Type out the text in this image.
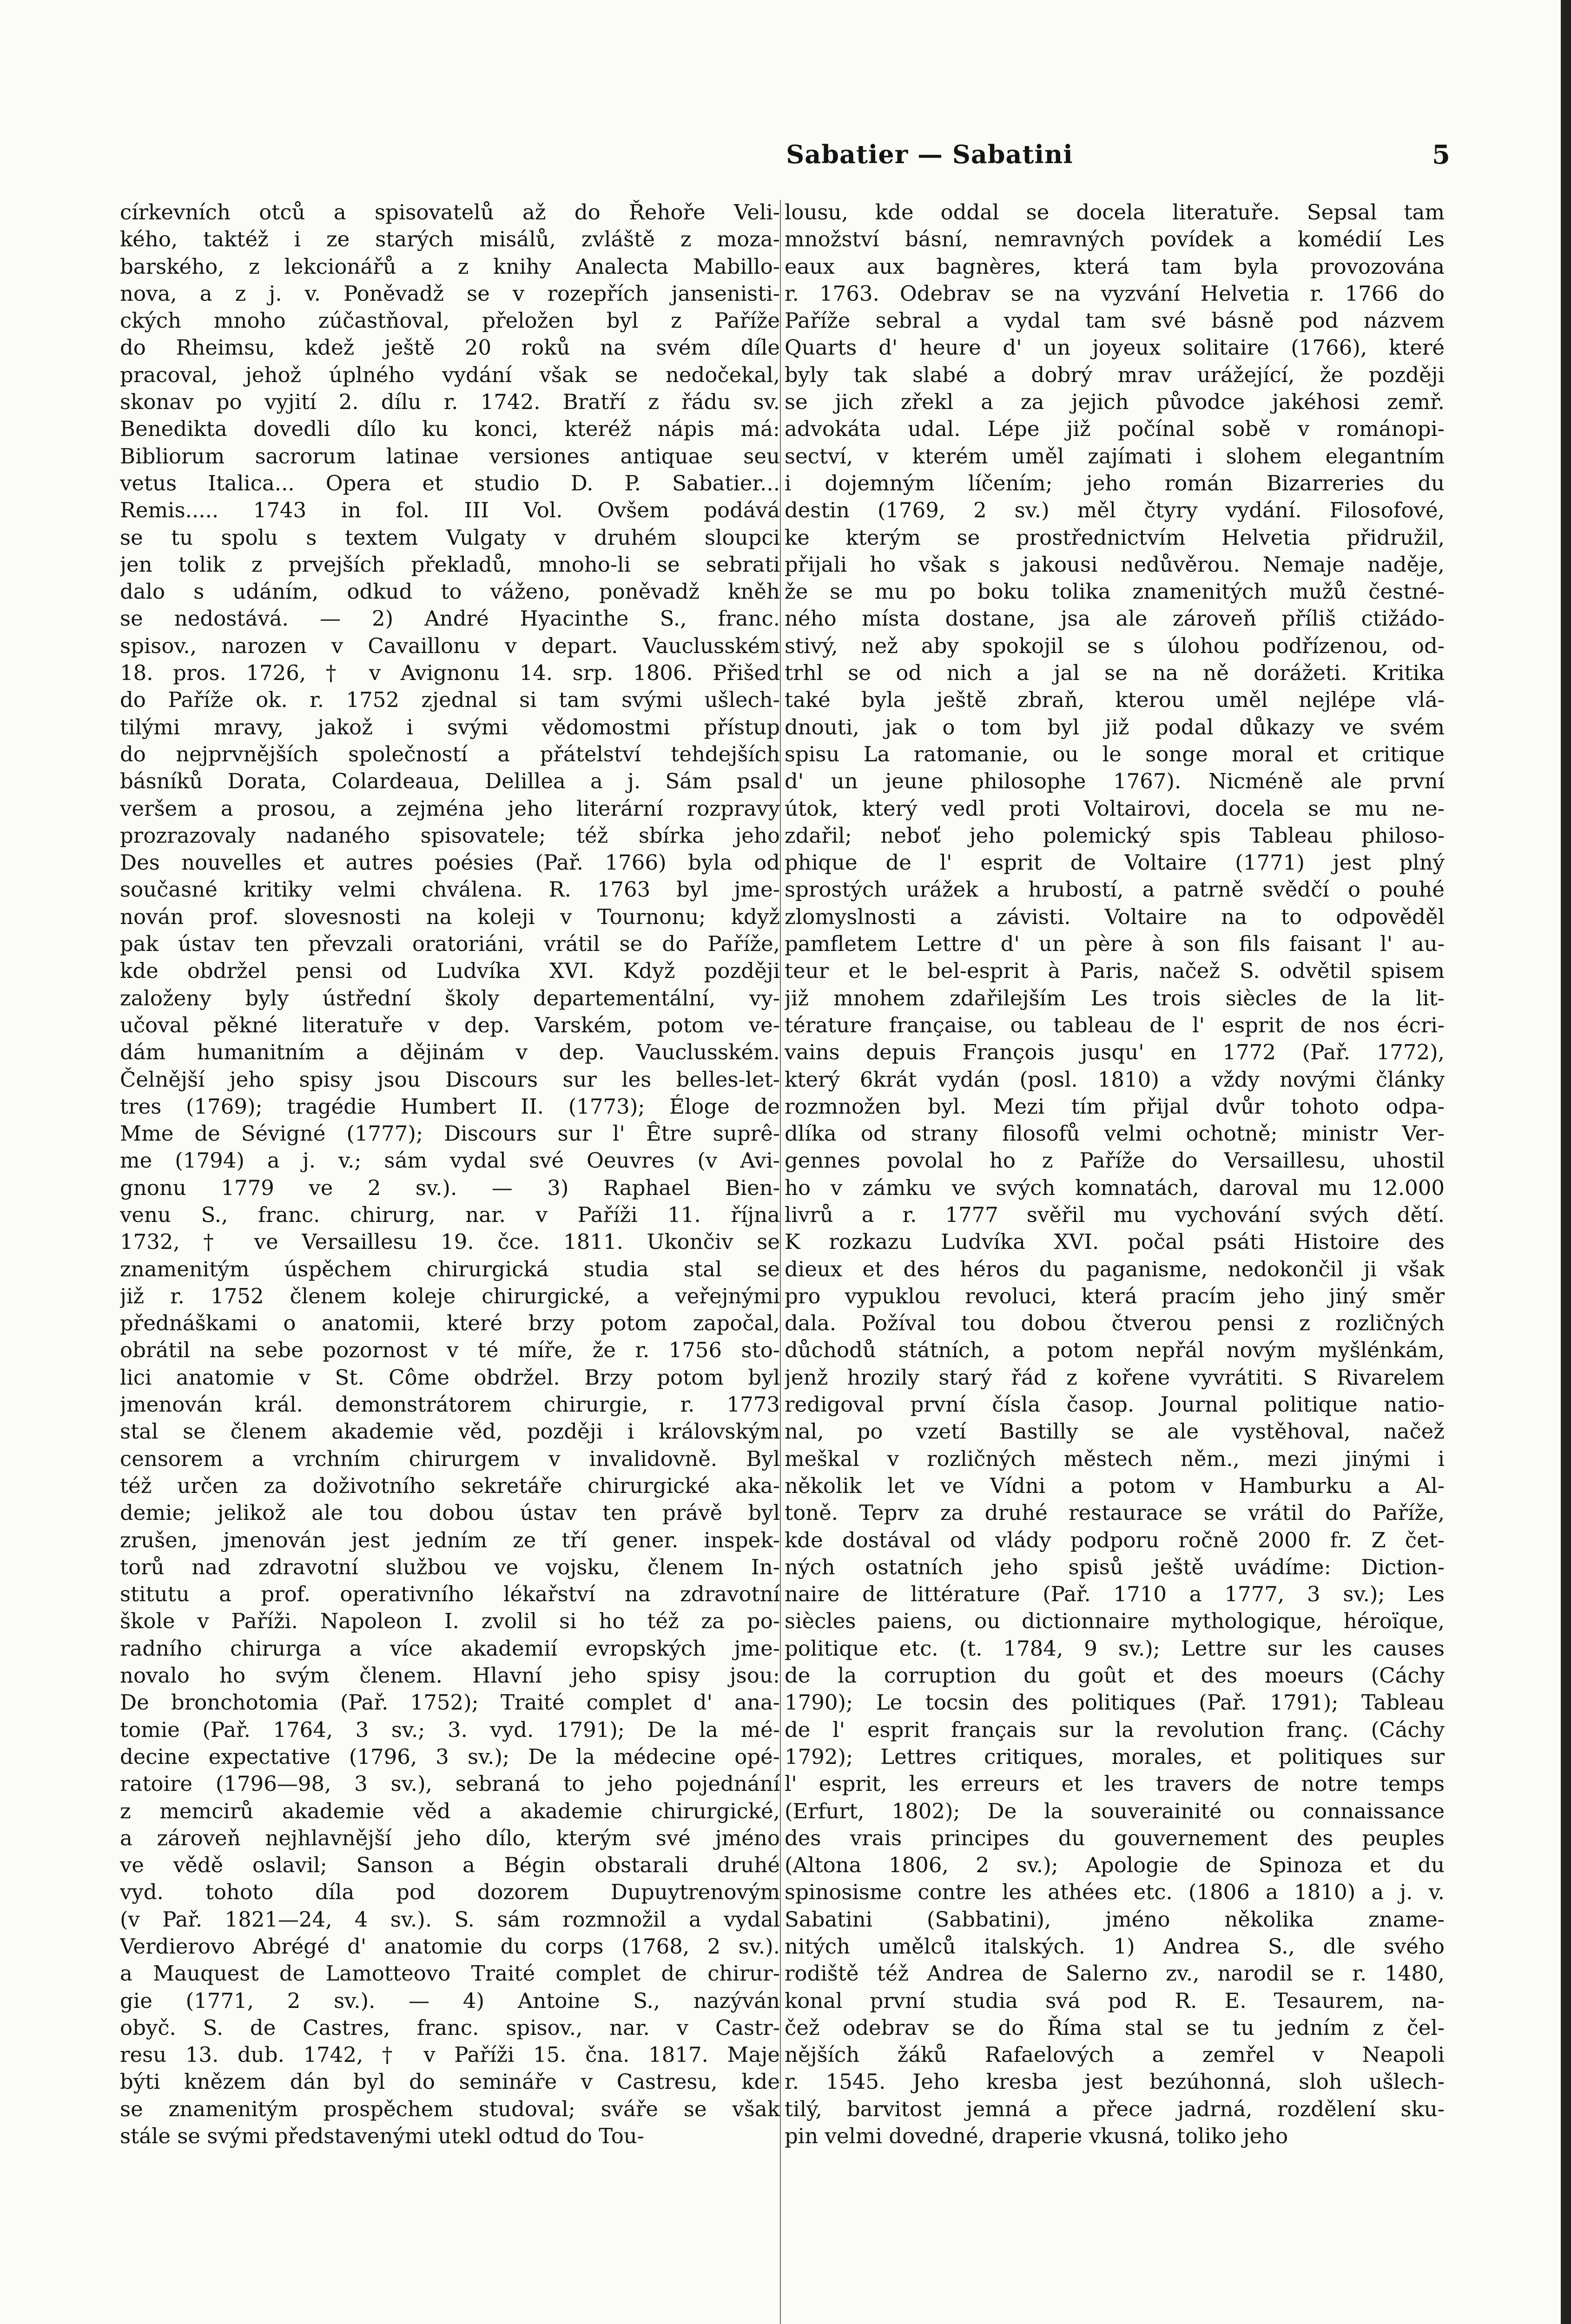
Sabatier — Sabatini	5
církevních otců a spisovatelů až do Řehoře Veli-
kého, taktéž i ze starých misálů, zvláště z moza-
barského, z lekcionářů a z knihy Analecta Mabillo-
nova, a z j. v. Poněvadž se v rozepřích jansenisti-
ckých mnoho zúčastňoval, přeložen byl z Paříže
do Rheimsu, kdež ještě 20 roků na svém díle
pracoval, jehož úplného vydání však se nedočekal,
skonav po vyjití 2. dílu r. 1742. Bratří z řádu sv.
Benedikta dovedli dílo ku konci, kteréž nápis má:
Bibliorum sacrorum latinae versiones antiquae seu
vetus Italica... Opera et studio D. P. Sabatier...
Remis..... 1743 in fol. III Vol. Ovšem podává
se tu spolu s textem Vulgaty v druhém sloupci
jen tolik z prvejších překladů, mnoho-li se sebrati
dalo s udáním, odkud to váženo, poněvadž kněh
se nedostává. — 2) André Hyacinthe S., franc.
spisov., narozen v Cavaillonu v depart. Vauclusském
18. pros. 1726, † v Avignonu 14. srp. 1806. Přišed
do Paříže ok. r. 1752 zjednal si tam svými ušlech-
tilými mravy, jakož i svými vědomostmi přístup
do nejprvnějších společností a přátelství tehdejších
básníků Dorata, Colardeaua, Delillea a j. Sám psal
veršem a prosou, a zejména jeho literární rozpravy
prozrazovaly nadaného spisovatele; též sbírka jeho
Des nouvelles et autres poésies (Pař. 1766) byla od
současné kritiky velmi chválena. R. 1763 byl jme-
nován prof. slovesnosti na koleji v Tournonu; když
pak ústav ten převzali oratoriáni, vrátil se do Paříže,
kde obdržel pensi od Ludvíka XVI. Když později
založeny byly ústřední školy departementální, vy-
učoval pěkné literatuře v dep. Varském, potom ve-
dám humanitním a dějinám v dep. Vauclusském.
Čelnější jeho spisy jsou Discours sur les belles-let-
tres (1769); tragédie Humbert II. (1773); Éloge de
Mme de Sévigné (1777); Discours sur l' Être suprê-
me (1794) a j. v.; sám vydal své Oeuvres (v Avi-
gnonu 1779 ve 2 sv.). — 3) Raphael Bien-
venu S., franc. chirurg, nar. v Paříži 11. října
1732, † ve Versaillesu 19. čce. 1811. Ukončiv se
znamenitým úspěchem chirurgická studia stal se
již r. 1752 členem koleje chirurgické, a veřejnými
přednáškami o anatomii, které brzy potom započal,
obrátil na sebe pozornost v té míře, že r. 1756 sto-
lici anatomie v St. Côme obdržel. Brzy potom byl
jmenován král. demonstrátorem chirurgie, r. 1773
stal se členem akademie věd, později i královským
censorem a vrchním chirurgem v invalidovně. Byl
též určen za doživotního sekretáře chirurgické aka-
demie; jelikož ale tou dobou ústav ten právě byl
zrušen, jmenován jest jedním ze tří gener. inspek-
torů nad zdravotní službou ve vojsku, členem In-
stitutu a prof. operativního lékařství na zdravotní
škole v Paříži. Napoleon I. zvolil si ho též za po-
radního chirurga a více akademií evropských jme-
novalo ho svým členem. Hlavní jeho spisy jsou:
De bronchotomia (Pař. 1752); Traité complet d' ana-
tomie (Pař. 1764, 3 sv.; 3. vyd. 1791); De la mé-
decine expectative (1796, 3 sv.); De la médecine opé-
ratoire (1796—98, 3 sv.), sebraná to jeho pojednání
z memcirů akademie věd a akademie chirurgické,
a zároveň nejhlavnější jeho dílo, kterým své jméno
ve vědě oslavil; Sanson a Bégin obstarali druhé
vyd. tohoto díla pod dozorem Dupuytrenovým
(v Pař. 1821—24, 4 sv.). S. sám rozmnožil a vydal
Verdierovo Abrégé d' anatomie du corps (1768, 2 sv.).
a Mauquest de Lamotteovo Traité complet de chirur-
gie (1771, 2 sv.). — 4) Antoine S., nazýván
obyč. S. de Castres, franc. spisov., nar. v Castr-
resu 13. dub. 1742, † v Paříži 15. čna. 1817. Maje
býti knězem dán byl do semináře v Castresu, kde
se znamenitým prospěchem studoval; sváře se však
stále se svými představenými utekl odtud do Tou-
lousu, kde oddal se docela literatuře. Sepsal tam
množství básní, nemravných povídek a komédií Les
eaux aux bagnères, která tam byla provozována
r. 1763. Odebrav se na vyzvání Helvetia r. 1766 do
Paříže sebral a vydal tam své básně pod názvem
Quarts d' heure d' un joyeux solitaire (1766), které
byly tak slabé a dobrý mrav urážející, že později
se jich zřekl a za jejich původce jakéhosi zemř.
advokáta udal. Lépe již počínal sobě v románopi-
sectví, v kterém uměl zajímati i slohem elegantním
i dojemným líčením; jeho román Bizarreries du
destin (1769, 2 sv.) měl čtyry vydání. Filosofové,
ke kterým se prostřednictvím Helvetia přidružil,
přijali ho však s jakousi nedůvěrou. Nemaje naděje,
že se mu po boku tolika znamenitých mužů čestné-
ného místa dostane, jsa ale zároveň příliš ctižádo-
stivý, než aby spokojil se s úlohou podřízenou, od-
trhl se od nich a jal se na ně dorážeti. Kritika
také byla ještě zbraň, kterou uměl nejlépe vlá-
dnouti, jak o tom byl již podal důkazy ve svém
spisu La ratomanie, ou le songe moral et critique
d' un jeune philosophe 1767). Nicméně ale první
útok, který vedl proti Voltairovi, docela se mu ne-
zdařil; neboť jeho polemický spis Tableau philoso-
phique de l' esprit de Voltaire (1771) jest plný
sprostých urážek a hrubostí, a patrně svědčí o pouhé
zlomyslnosti a závisti. Voltaire na to odpověděl
pamfletem Lettre d' un père à son fils faisant l' au-
teur et le bel-esprit à Paris, načež S. odvětil spisem
již mnohem zdařilejším Les trois siècles de la lit-
térature française, ou tableau de l' esprit de nos écri-
vains depuis François jusqu' en 1772 (Pař. 1772),
který 6krát vydán (posl. 1810) a vždy novými články
rozmnožen byl. Mezi tím přijal dvůr tohoto odpa-
dlíka od strany filosofů velmi ochotně; ministr Ver-
gennes povolal ho z Paříže do Versaillesu, uhostil
ho v zámku ve svých komnatách, daroval mu 12.000
livrů a r. 1777 svěřil mu vychování svých dětí.
K rozkazu Ludvíka XVI. počal psáti Histoire des
dieux et des héros du paganisme, nedokončil ji však
pro vypuklou revoluci, která pracím jeho jiný směr
dala. Požíval tou dobou čtverou pensi z rozličných
důchodů státních, a potom nepřál novým myšlénkám,
jenž hrozily starý řád z kořene vyvrátiti. S Rivarelem
redigoval první čísla časop. Journal politique natio-
nal, po vzetí Bastilly se ale vystěhoval, načež
meškal v rozličných městech něm., mezi jinými i
několik let ve Vídni a potom v Hamburku a Al-
toně. Teprv za druhé restaurace se vrátil do Paříže,
kde dostával od vlády podporu ročně 2000 fr. Z čet-
ných ostatních jeho spisů ještě uvádíme: Diction-
naire de littérature (Pař. 1710 a 1777, 3 sv.); Les
siècles paiens, ou dictionnaire mythologique, héroïque,
politique etc. (t. 1784, 9 sv.); Lettre sur les causes
de la corruption du goût et des moeurs (Cáchy
1790); Le tocsin des politiques (Pař. 1791); Tableau
de l' esprit français sur la revolution franç. (Cáchy
1792); Lettres critiques, morales, et politiques sur
l' esprit, les erreurs et les travers de notre temps
(Erfurt, 1802); De la souverainité ou connaissance
des vrais principes du gouvernement des peuples
(Altona 1806, 2 sv.); Apologie de Spinoza et du
spinosisme contre les athées etc. (1806 a 1810) a j. v.
Sabatini (Sabbatini), jméno několika zname-
nitých umělců italských. 1) Andrea S., dle svého
rodiště též Andrea de Salerno zv., narodil se r. 1480,
konal první studia svá pod R. E. Tesaurem, na-
čež odebrav se do Říma stal se tu jedním z čel-
nějších žáků Rafaelových a zemřel v Neapoli
r. 1545. Jeho kresba jest bezúhonná, sloh ušlech-
tilý, barvitost jemná a přece jadrná, rozdělení sku-
pin velmi dovedné, draperie vkusná, toliko jeho
